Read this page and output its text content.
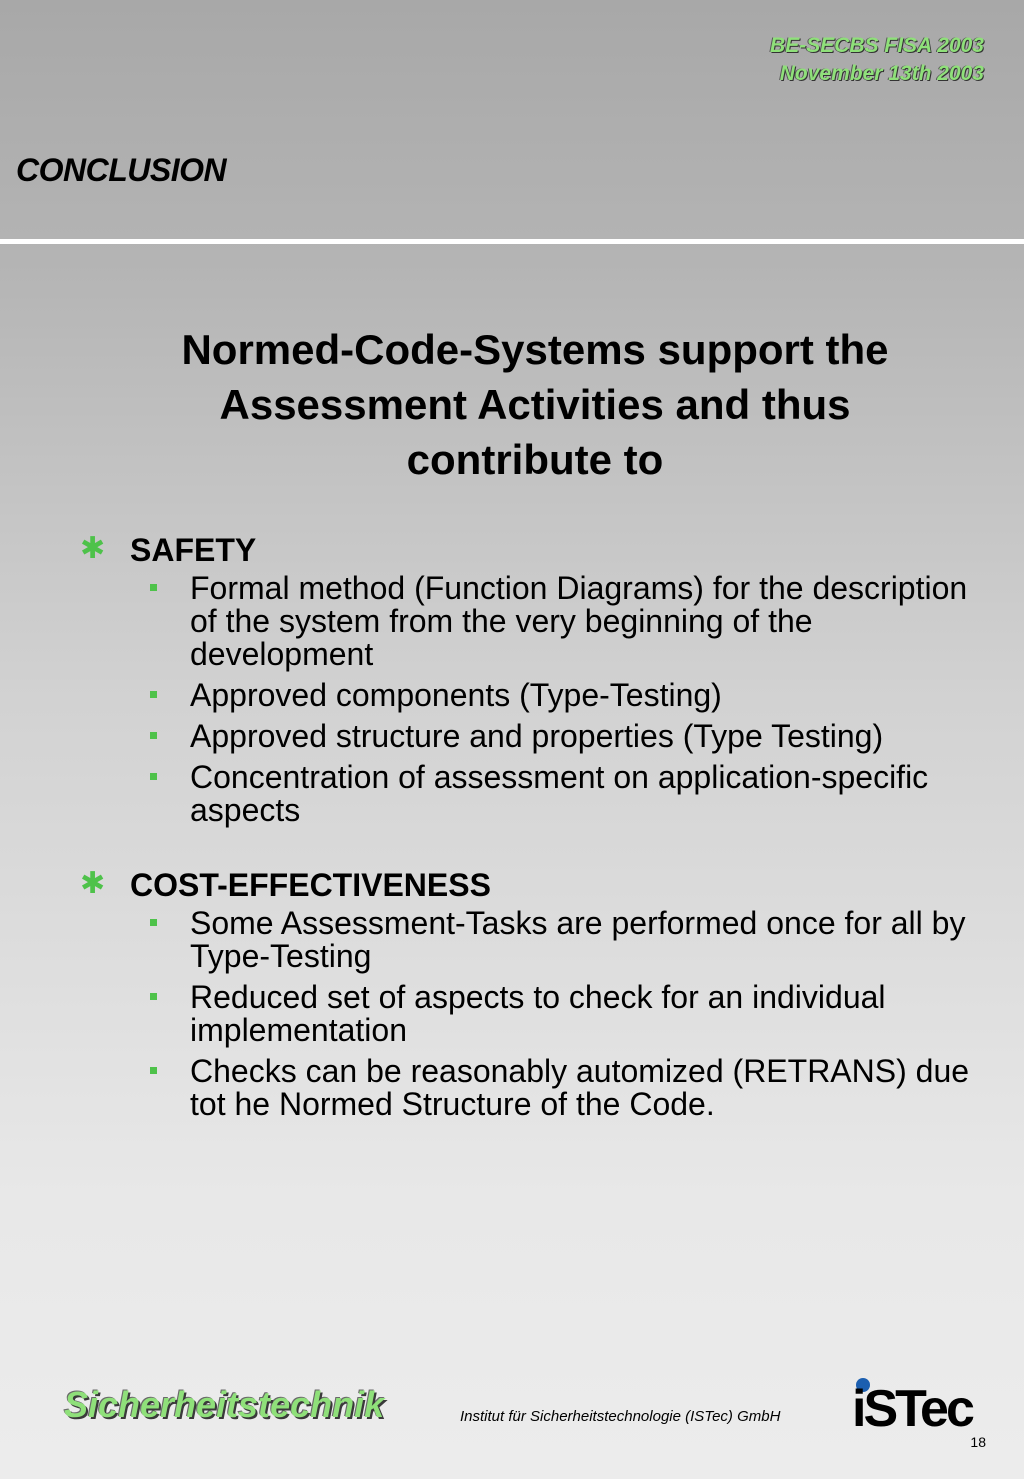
BE-SECBS FISA 2003
November 13th 2003
CONCLUSION
Normed-Code-Systems support the
Assessment Activities and thus
contribute to
✱ SAFETY
Formal method (Function Diagrams) for the description of the system from the very beginning of the development
Approved components (Type-Testing)
Approved structure and properties (Type Testing)
Concentration of assessment on application-specific aspects
✱ COST-EFFECTIVENESS
Some Assessment-Tasks are performed once for all by Type-Testing
Reduced set of aspects to check for an individual implementation
Checks can be reasonably automized (RETRANS) due tot he Normed Structure of the Code.
Sicherheitstechnik	Institut für Sicherheitstechnologie (ISTec) GmbH iSTec
18
